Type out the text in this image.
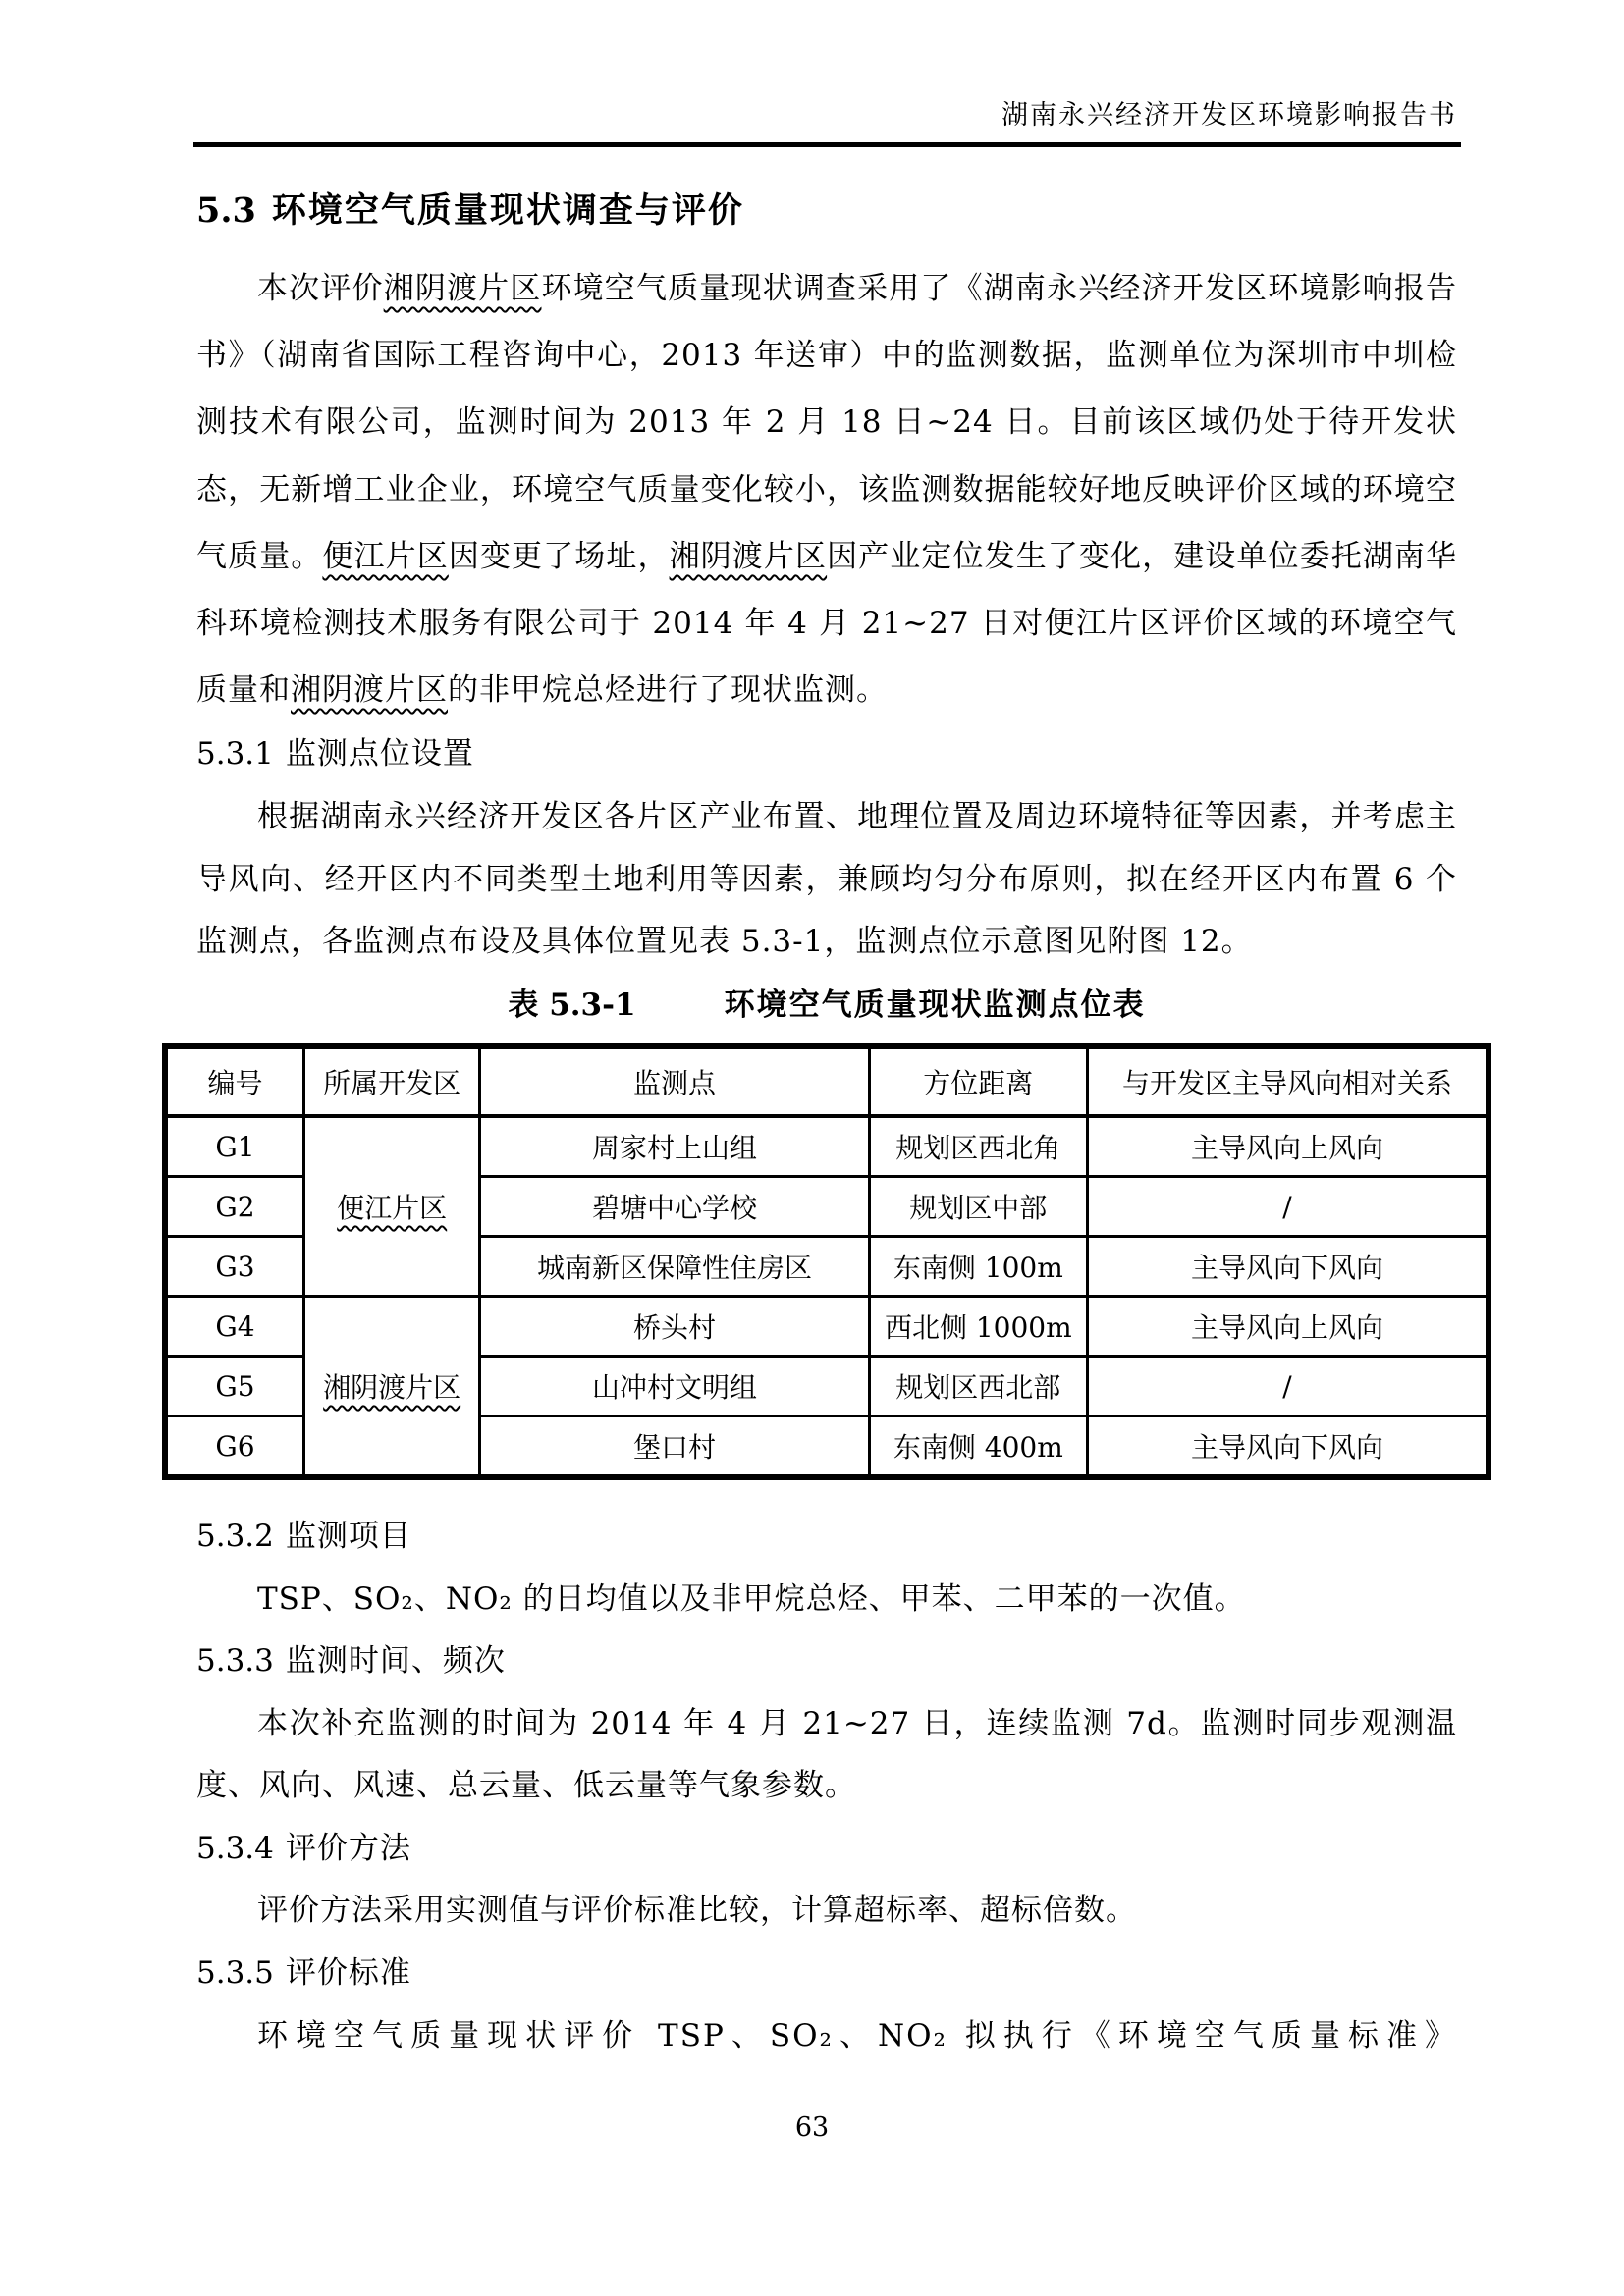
湖南永兴经济开发区环境影响报告书
5.3 环境空气质量现状调查与评价

本次评价湘阴渡片区环境空气质量现状调查采用了《湖南永兴经济开发区环境影响报告书》（湖南省国际工程咨询中心，2013 年送审）中的监测数据，监测单位为深圳市中圳检测技术有限公司，监测时间为 2013 年 2 月 18 日~24 日。目前该区域仍处于待开发状态，无新增工业企业，环境空气质量变化较小，该监测数据能较好地反映评价区域的环境空气质量。便江片区因变更了场址，湘阴渡片区因产业定位发生了变化，建设单位委托湖南华科环境检测技术服务有限公司于 2014 年 4 月 21~27 日对便江片区评价区域的环境空气质量和湘阴渡片区的非甲烷总烃进行了现状监测。

5.3.1 监测点位设置

根据湖南永兴经济开发区各片区产业布置、地理位置及周边环境特征等因素，并考虑主导风向、经开区内不同类型土地利用等因素，兼顾均匀分布原则，拟在经开区内布置 6 个监测点，各监测点布设及具体位置见表 5.3-1，监测点位示意图见附图 12。

表 5.3-1	环境空气质量现状监测点位表
编号	所属开发区	监测点	方位距离	与开发区主导风向相对关系
G1	便江片区	周家村上山组	规划区西北角	主导风向上风向
G2		碧塘中心学校	规划区中部	/
G3		城南新区保障性住房区	东南侧 100m	主导风向下风向
G4	湘阴渡片区	桥头村	西北侧 1000m	主导风向上风向
G5		山冲村文明组	规划区西北部	/
G6		堡口村	东南侧 400m	主导风向下风向
5.3.2 监测项目

TSP、SO₂、NO₂ 的日均值以及非甲烷总烃、甲苯、二甲苯的一次值。

5.3.3 监测时间、频次

本次补充监测的时间为 2014 年 4 月 21~27 日，连续监测 7d。监测时同步观测温度、风向、风速、总云量、低云量等气象参数。

5.3.4 评价方法

评价方法采用实测值与评价标准比较，计算超标率、超标倍数。

5.3.5 评价标准

环境空气质量现状评价 TSP、SO₂、NO₂ 拟执行《环境空气质量标准》

63
